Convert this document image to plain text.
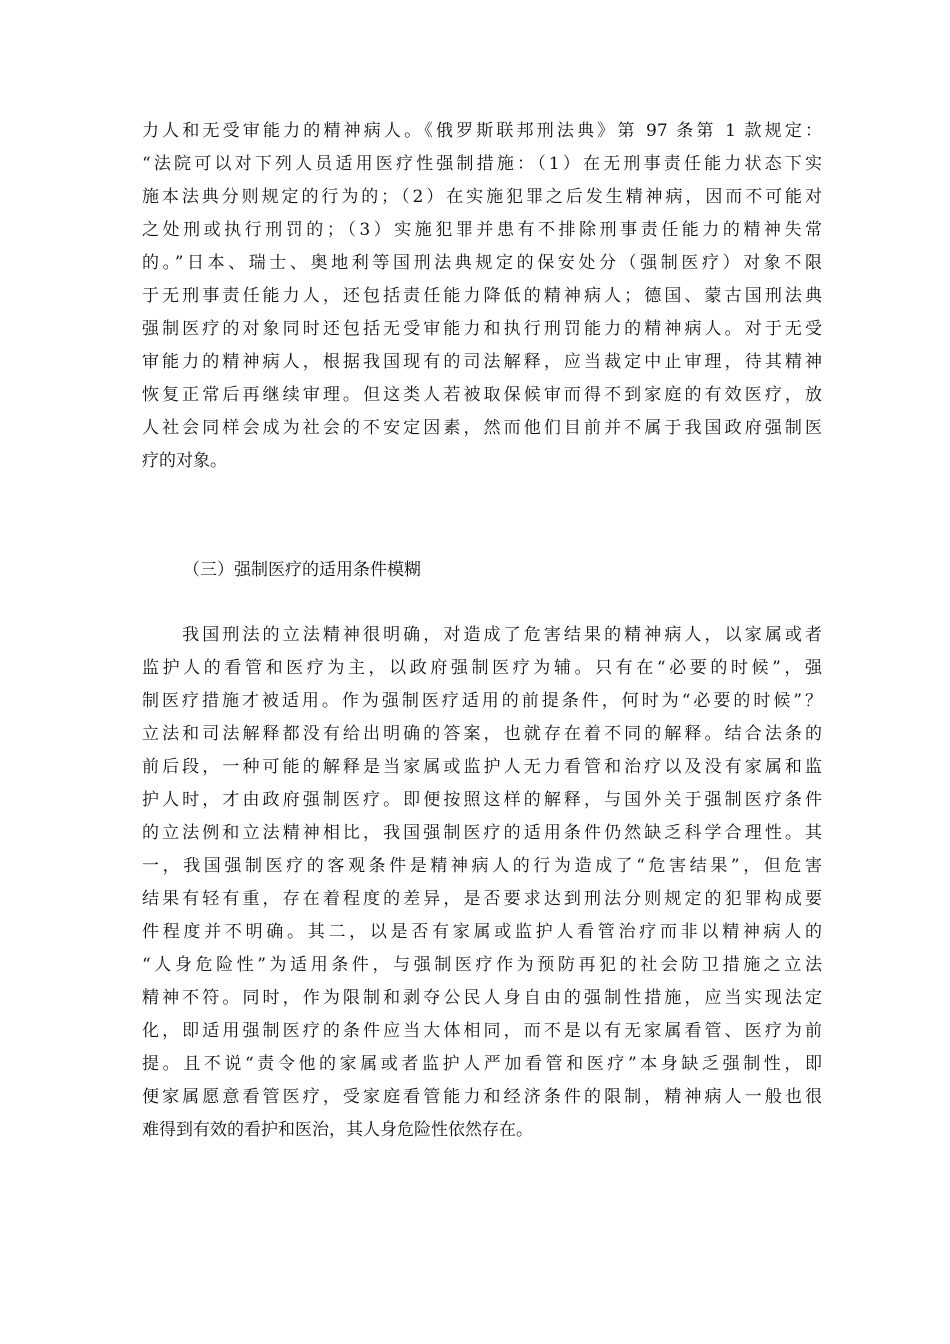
力人和无受审能力的精神病人。《俄罗斯联邦刑法典》第 97 条第 1 款规定：
“法院可以对下列人员适用医疗性强制措施：（1）在无刑事责任能力状态下实
施本法典分则规定的行为的；（2）在实施犯罪之后发生精神病，因而不可能对
之处刑或执行刑罚的；（3）实施犯罪并患有不排除刑事责任能力的精神失常
的。”日本、瑞士、奥地利等国刑法典规定的保安处分（强制医疗）对象不限
于无刑事责任能力人，还包括责任能力降低的精神病人；德国、蒙古国刑法典
强制医疗的对象同时还包括无受审能力和执行刑罚能力的精神病人。对于无受
审能力的精神病人，根据我国现有的司法解释，应当裁定中止审理，待其精神
恢复正常后再继续审理。但这类人若被取保候审而得不到家庭的有效医疗，放
人社会同样会成为社会的不安定因素，然而他们目前并不属于我国政府强制医
疗的对象。
（三）强制医疗的适用条件模糊
　　我国刑法的立法精神很明确，对造成了危害结果的精神病人，以家属或者
监护人的看管和医疗为主，以政府强制医疗为辅。只有在“必要的时候”，强
制医疗措施才被适用。作为强制医疗适用的前提条件，何时为“必要的时候”？
立法和司法解释都没有给出明确的答案，也就存在着不同的解释。结合法条的
前后段，一种可能的解释是当家属或监护人无力看管和治疗以及没有家属和监
护人时，才由政府强制医疗。即便按照这样的解释，与国外关于强制医疗条件
的立法例和立法精神相比，我国强制医疗的适用条件仍然缺乏科学合理性。其
一，我国强制医疗的客观条件是精神病人的行为造成了“危害结果”，但危害
结果有轻有重，存在着程度的差异，是否要求达到刑法分则规定的犯罪构成要
件程度并不明确。其二，以是否有家属或监护人看管治疗而非以精神病人的
“人身危险性”为适用条件，与强制医疗作为预防再犯的社会防卫措施之立法
精神不符。同时，作为限制和剥夺公民人身自由的强制性措施，应当实现法定
化，即适用强制医疗的条件应当大体相同，而不是以有无家属看管、医疗为前
提。且不说“责令他的家属或者监护人严加看管和医疗”本身缺乏强制性，即
便家属愿意看管医疗，受家庭看管能力和经济条件的限制，精神病人一般也很
难得到有效的看护和医治，其人身危险性依然存在。
